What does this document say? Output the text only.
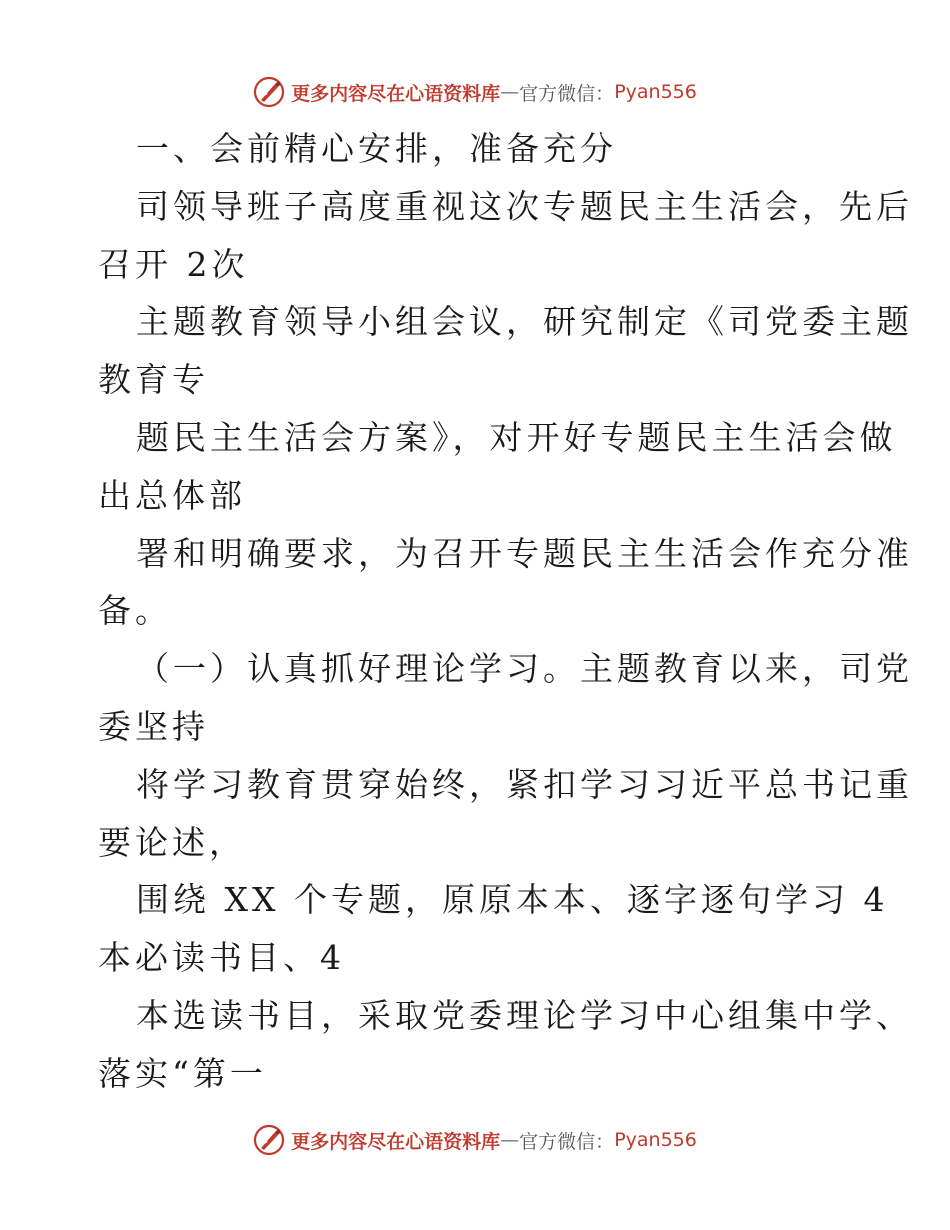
更多内容尽在心语资料库 — 官方微信： Pyan556
一、会前精心安排，准备充分
司领导班子高度重视这次专题民主生活会，先后
召开 2次
主题教育领导小组会议，研究制定《司党委主题
教育专
题民主生活会方案》，对开好专题民主生活会做
出总体部
署和明确要求，为召开专题民主生活会作充分准
备。
（一）认真抓好理论学习。主题教育以来，司党
委坚持
将学习教育贯穿始终，紧扣学习习近平总书记重
要论述，
围绕 XX 个专题，原原本本、逐字逐句学习 4
本必读书目、4
本选读书目，采取党委理论学习中心组集中学、
落实“第一
更多内容尽在心语资料库 — 官方微信： Pyan556
